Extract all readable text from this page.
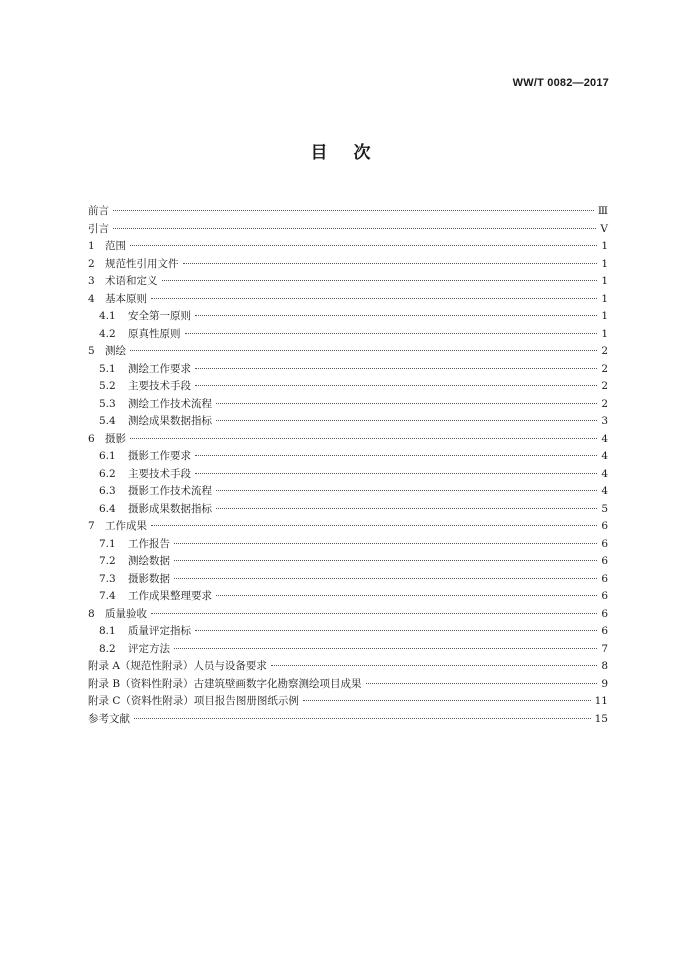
WW/T 0082—2017
目次
前言	Ⅲ
引言	Ⅴ
1 范围	1
2 规范性引用文件	1
3 术语和定义	1
4 基本原则	1
4.1	安全第一原则	1
4.2	原真性原则	1
5 测绘	2
5.1	测绘工作要求	2
5.2	主要技术手段	2
5.3	测绘工作技术流程	2
5.4	测绘成果数据指标	3
6 摄影	4
6.1	摄影工作要求	4
6.2	主要技术手段	4
6.3	摄影工作技术流程	4
6.4	摄影成果数据指标	5
7 工作成果	6
7.1	工作报告	6
7.2	测绘数据	6
7.3	摄影数据	6
7.4	工作成果整理要求	6
8 质量验收	6
8.1	质量评定指标	6
8.2	评定方法	7
附录 A（规范性附录）人员与设备要求	8
附录 B（资料性附录）古建筑壁画数字化勘察测绘项目成果	9
附录 C（资料性附录）项目报告图册图纸示例	11
参考文献	15
